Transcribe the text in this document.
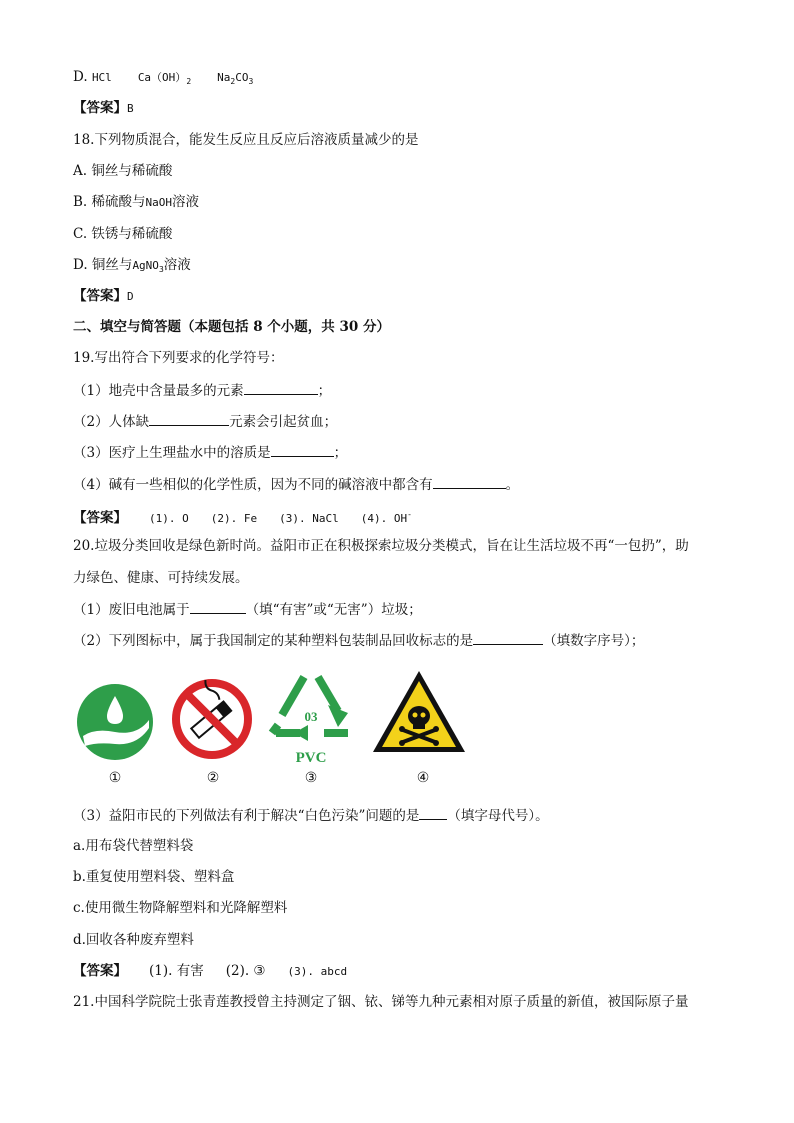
D. HCl $Ca(OH)_2$ $Na_2CO_3$
【答案】B
18.下列物质混合，能发生反应且反应后溶液质量减少的是
A. 铜丝与稀硫酸
B. 稀硫酸与NaOH溶液
C. 铁锈与稀硫酸
D. 铜丝与AgNO$_3$溶液
【答案】D
二、填空与简答题（本题包括 8 个小题，共 30 分）
19.写出符合下列要求的化学符号：
（1）地壳中含量最多的元素	；
（2）人体缺	元素会引起贫血；
（3）医疗上生理盐水中的溶质是	；
（4）碱有一些相似的化学性质，因为不同的碱溶液中都含有	。
【答案】 (1). O (2). Fe (3). NaCl (4). OH-
20.垃圾分类回收是绿色新时尚。益阳市正在积极探索垃圾分类模式，旨在让生活垃圾不再“一包扔”，助
力绿色、健康、可持续发展。
（1）废旧电池属于	（填“有害”或“无害”）垃圾；
（2）下列图标中，属于我国制定的某种塑料包装制品回收标志的是	（填数字序号）；
①	②
03
PVC
③	④
（3）益阳市民的下列做法有利于解决“白色污染”问题的是 （填字母代号）。
a.用布袋代替塑料袋
b.重复使用塑料袋、塑料盒
c.使用微生物降解塑料和光降解塑料
d.回收各种废弃塑料
【答案】 (1). 有害 (2). ③ (3). abcd
21.中国科学院院士张青莲教授曾主持测定了铟、铱、锑等九种元素相对原子质量的新值，被国际原子量
